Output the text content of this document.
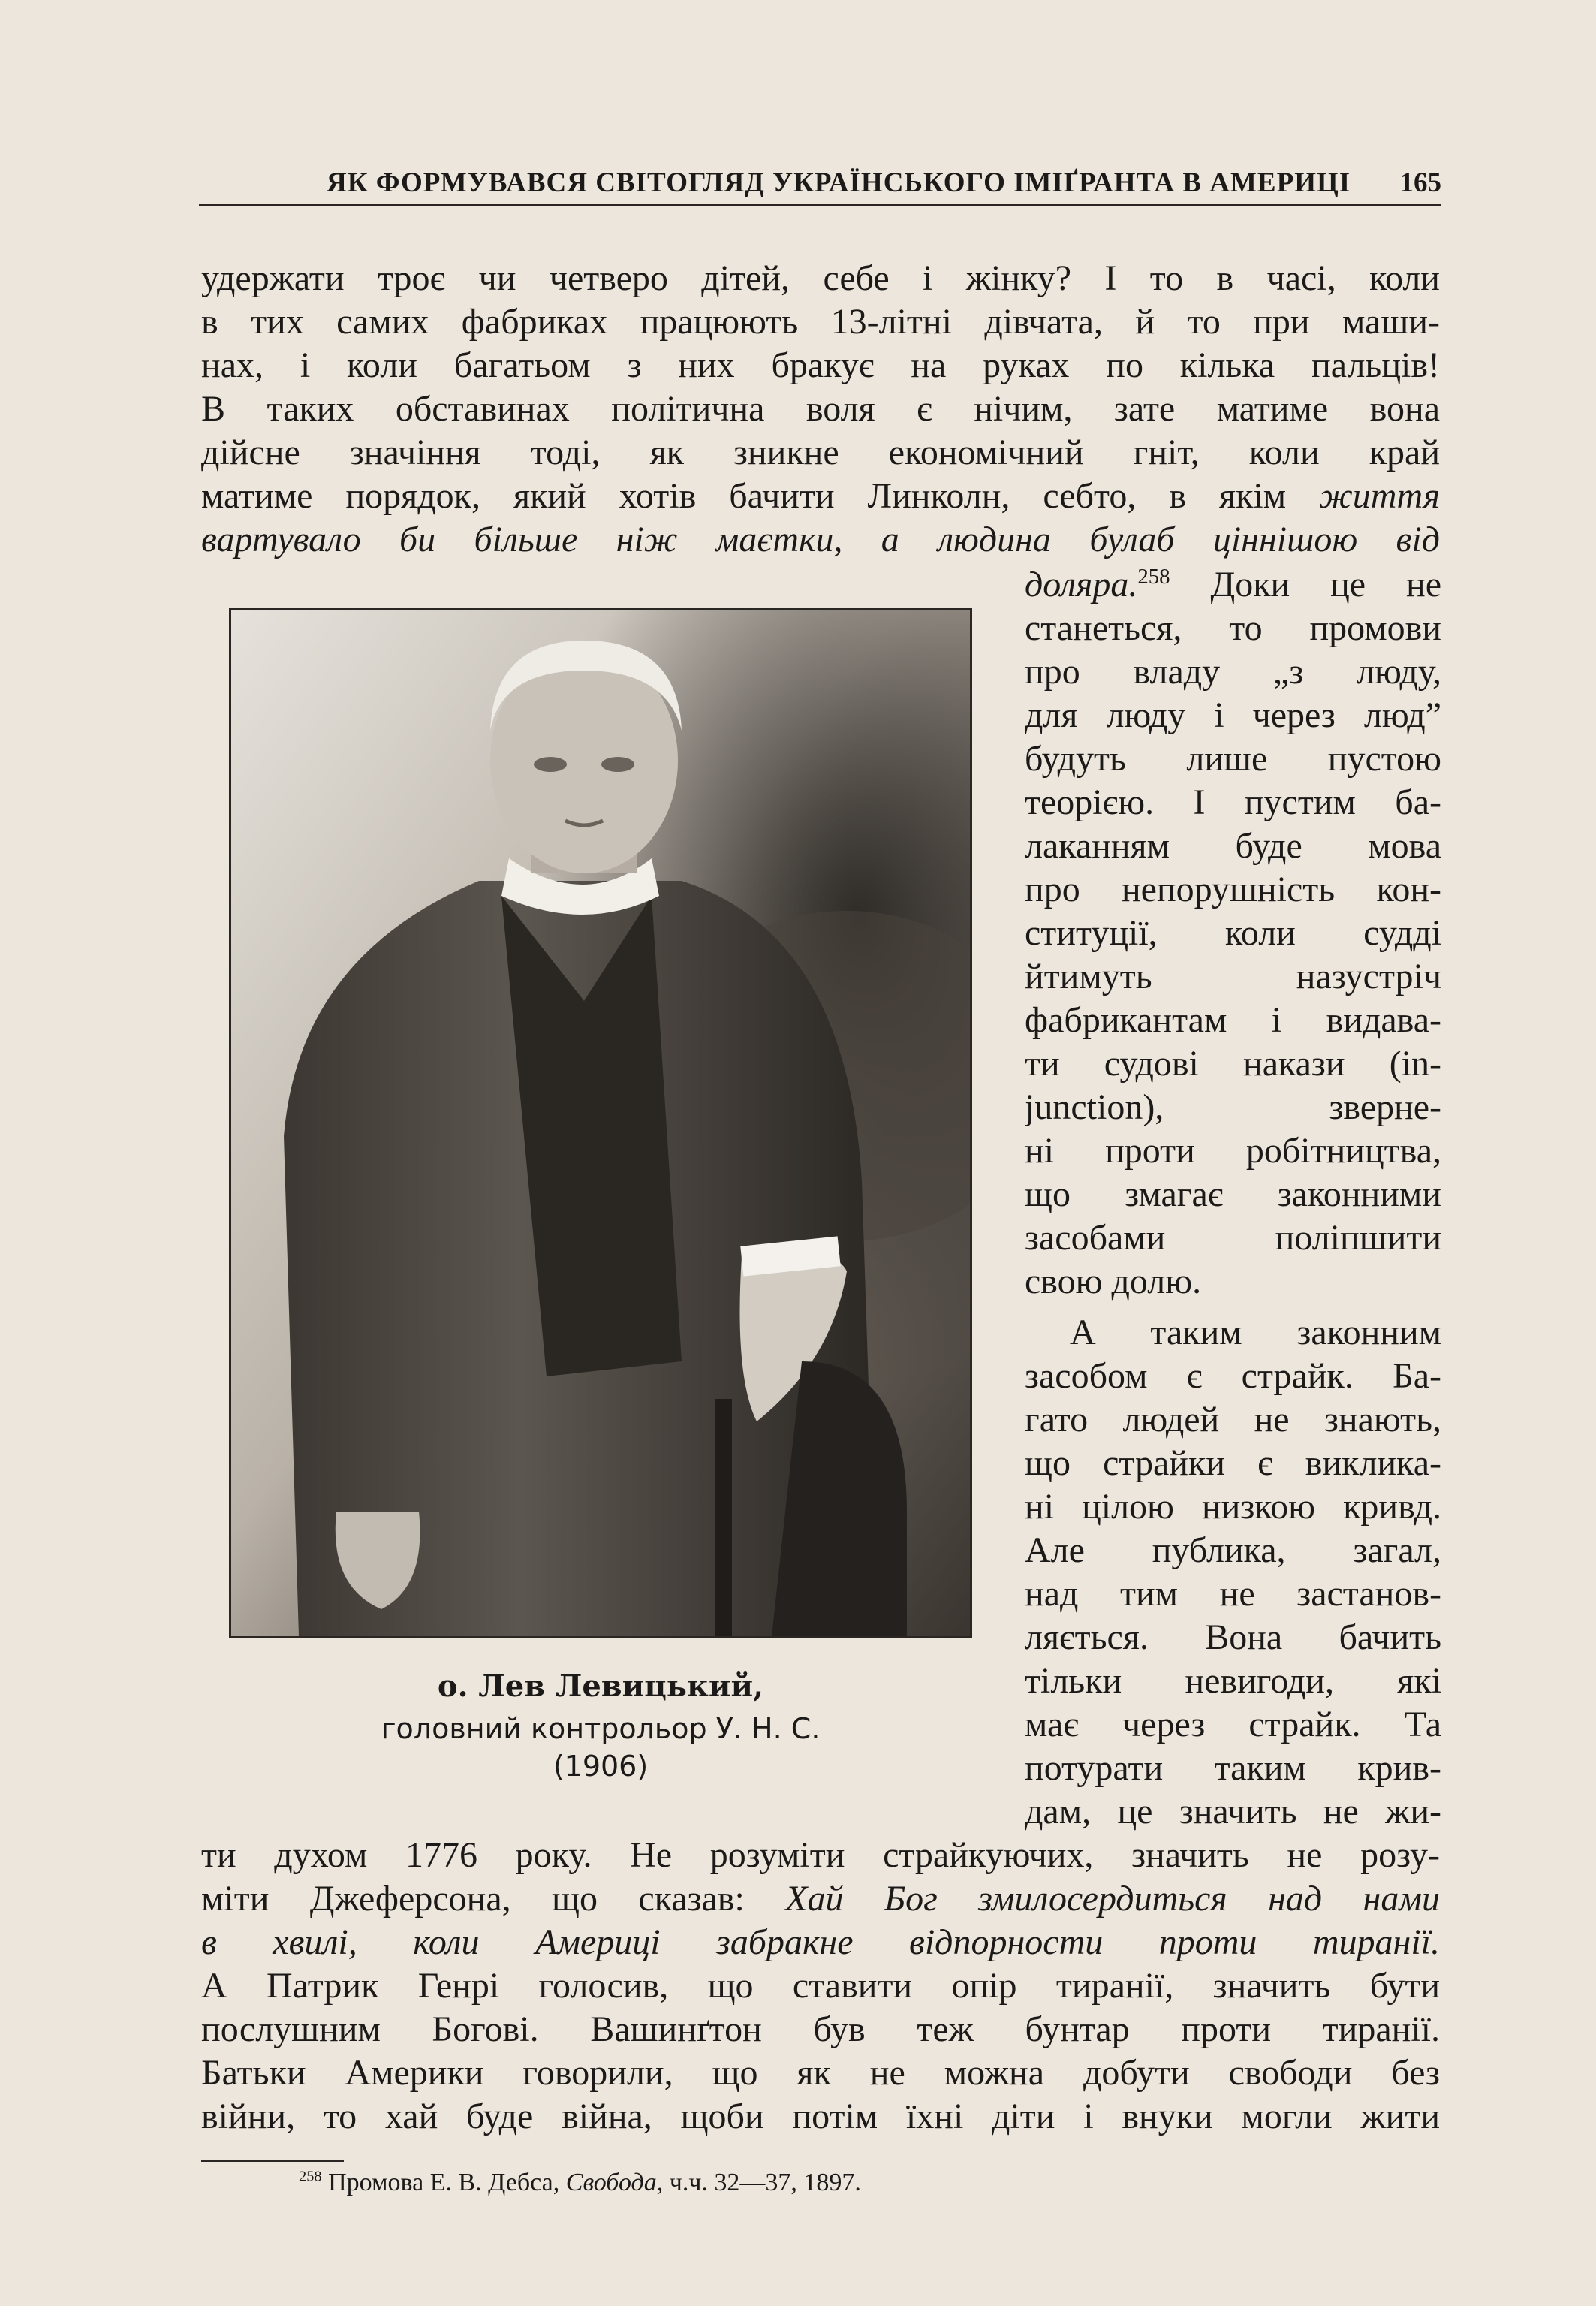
ЯК ФОРМУВАВСЯ СВІТОГЛЯД УКРАЇНСЬКОГО ІМІҐРАНТА В АМЕРИЦІ 165
удержати троє чи четверо дітей, себе і жінку? І то в часі, коли
в тих самих фабриках працюють 13-літні дівчата, й то при маши-
нах, і коли багатьом з них бракує на руках по кілька пальців!
В таких обставинах політична воля є нічим, зате матиме вона
дійсне значіння тоді, як зникне економічний гніт, коли край
матиме порядок, який хотів бачити Линколн, себто, в якім життя
вартувало би більше ніж маєтки, а людина булаб ціннішою від
доляра.$^{258}$ Доки це не
станеться, то промови
про владу „з люду,
для люду і через люд”
будуть лише пустою
теорією. І пустим ба-
лаканням буде мова
про непорушність кон-
ституції, коли судді
йтимуть назустріч
фабрикантам і видава-
ти судові накази (in-
junction), зверне-
ні проти робітництва,
що змагає законними
засобами поліпшити
свою долю.
А таким законним
засобом є страйк. Ба-
гато людей не знають,
що страйки є виклика-
ні цілою низкою кривд.
Але публика, загал,
над тим не застанов-
ляється. Вона бачить
тільки невигоди, які
має через страйк. Та
потурати таким крив-
дам, це значить не жи-
ти духом 1776 року. Не розуміти страйкуючих, значить не розу-
міти Джеферсона, що сказав: Хай Бог змилосердиться над нами
в хвилі, коли Америці забракне відпорности проти тиранії.
А Патрик Генрі голосив, що ставити опір тиранії, значить бути
послушним Богові. Вашинґтон був теж бунтар проти тиранії.
Батьки Америки говорили, що як не можна добути свободи без
війни, то хай буде війна, щоби потім їхні діти і внуки могли жити
о. Лев Левицький,
головний контрольор У. Н. С.
(1906)
$^{258}$ Промова Е. В. Дебса, Свобода, ч.ч. 32—37, 1897.
